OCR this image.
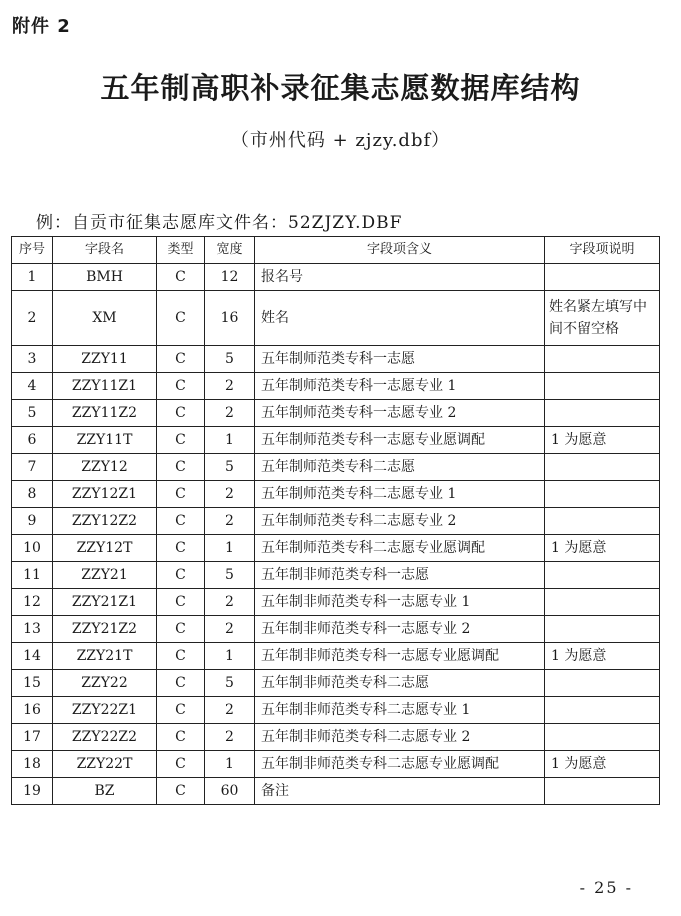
附件 2
五年制高职补录征集志愿数据库结构
（市州代码 + zjzy.dbf）
例：自贡市征集志愿库文件名：52ZJZY.DBF
序号	字段名	类型	宽度	字段项含义	字段项说明
1	BMH	C	12	报名号	
2	XM	C	16	姓名	姓名紧左填写中间不留空格
3	ZZY11	C	5	五年制师范类专科一志愿	
4	ZZY11Z1	C	2	五年制师范类专科一志愿专业 1	
5	ZZY11Z2	C	2	五年制师范类专科一志愿专业 2	
6	ZZY11T	C	1	五年制师范类专科一志愿专业愿调配	1 为愿意
7	ZZY12	C	5	五年制师范类专科二志愿	
8	ZZY12Z1	C	2	五年制师范类专科二志愿专业 1	
9	ZZY12Z2	C	2	五年制师范类专科二志愿专业 2	
10	ZZY12T	C	1	五年制师范类专科二志愿专业愿调配	1 为愿意
11	ZZY21	C	5	五年制非师范类专科一志愿	
12	ZZY21Z1	C	2	五年制非师范类专科一志愿专业 1	
13	ZZY21Z2	C	2	五年制非师范类专科一志愿专业 2	
14	ZZY21T	C	1	五年制非师范类专科一志愿专业愿调配	1 为愿意
15	ZZY22	C	5	五年制非师范类专科二志愿	
16	ZZY22Z1	C	2	五年制非师范类专科二志愿专业 1	
17	ZZY22Z2	C	2	五年制非师范类专科二志愿专业 2	
18	ZZY22T	C	1	五年制非师范类专科二志愿专业愿调配	1 为愿意
19	BZ	C	60	备注	
- 25 -
